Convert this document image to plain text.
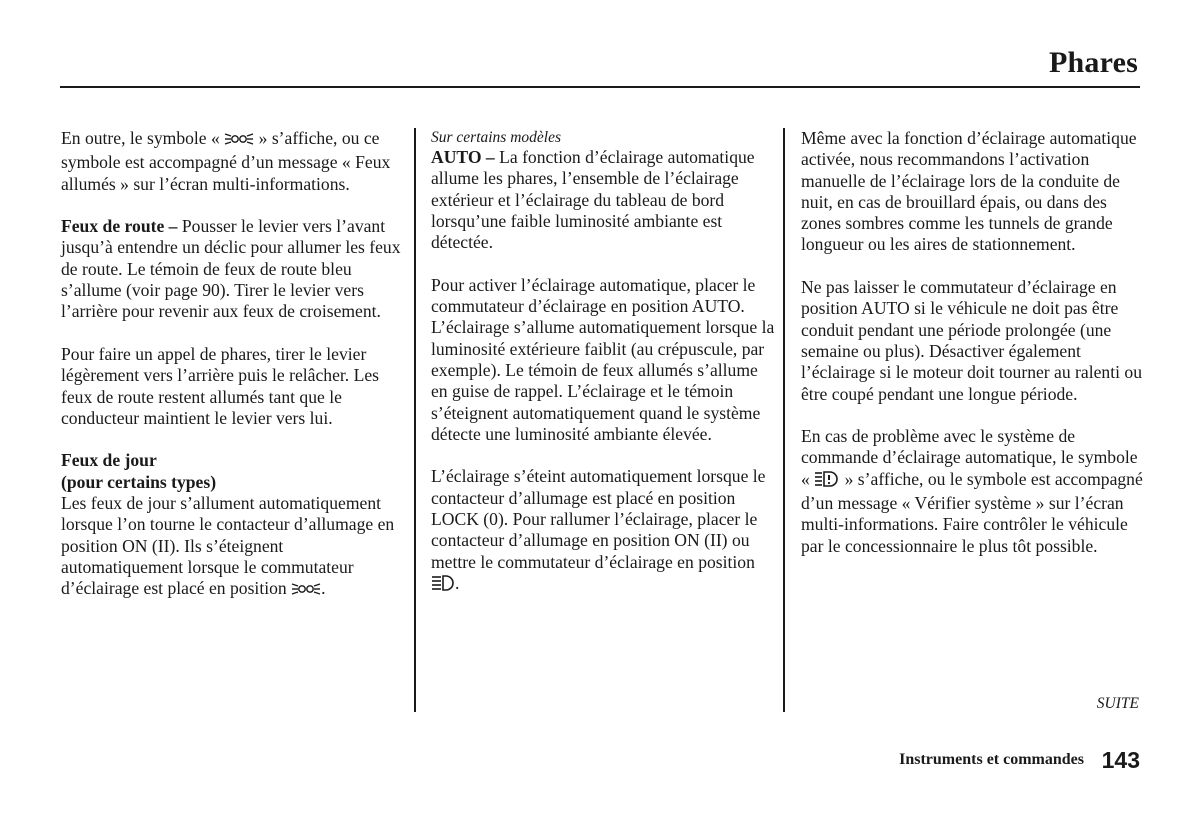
Phares

En outre, le symbole « » s’affiche, ou ce symbole est accompagné d’un message « Feux allumés » sur l’écran multi-informations.

Feux de route – Pousser le levier vers l’avant jusqu’à entendre un déclic pour allumer les feux de route. Le témoin de feux de route bleu s’allume (voir page 90). Tirer le levier vers l’arrière pour revenir aux feux de croisement.

Pour faire un appel de phares, tirer le levier légèrement vers l’arrière puis le relâcher. Les feux de route restent allumés tant que le conducteur maintient le levier vers lui.

Feux de jour
(pour certains types)
Les feux de jour s’allument automatiquement lorsque l’on tourne le contacteur d’allumage en position ON (II). Ils s’éteignent automatiquement lorsque le commutateur d’éclairage est placé en position .

Sur certains modèles

AUTO – La fonction d’éclairage automatique allume les phares, l’ensemble de l’éclairage extérieur et l’éclairage du tableau de bord lorsqu’une faible luminosité ambiante est détectée.

Pour activer l’éclairage automatique, placer le commutateur d’éclairage en position AUTO. L’éclairage s’allume automatiquement lorsque la luminosité extérieure faiblit (au crépuscule, par exemple). Le témoin de feux allumés s’allume en guise de rappel. L’éclairage et le témoin s’éteignent automatiquement quand le système détecte une luminosité ambiante élevée.

L’éclairage s’éteint automatiquement lorsque le contacteur d’allumage est placé en position LOCK (0). Pour rallumer l’éclairage, placer le contacteur d’allumage en position ON (II) ou mettre le commutateur d’éclairage en position .

Même avec la fonction d’éclairage automatique activée, nous recommandons l’activation manuelle de l’éclairage lors de la conduite de nuit, en cas de brouillard épais, ou dans des zones sombres comme les tunnels de grande longueur ou les aires de stationnement.

Ne pas laisser le commutateur d’éclairage en position AUTO si le véhicule ne doit pas être conduit pendant une période prolongée (une semaine ou plus). Désactiver également l’éclairage si le moteur doit tourner au ralenti ou être coupé pendant une longue période.

En cas de problème avec le système de commande d’éclairage automatique, le symbole « » s’affiche, ou le symbole est accompagné d’un message « Vérifier système » sur l’écran multi-informations. Faire contrôler le véhicule par le concessionnaire le plus tôt possible.

SUITE
Instruments et commandes 143
